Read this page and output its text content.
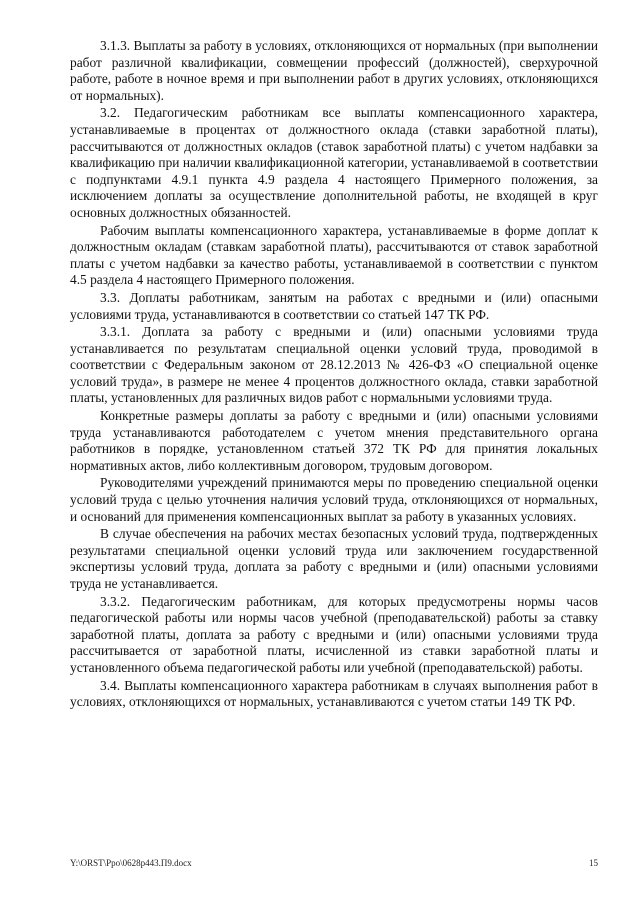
3.1.3. Выплаты за работу в условиях, отклоняющихся от нормальных (при выполнении работ различной квалификации, совмещении профессий (должностей), сверхурочной работе, работе в ночное время и при выполнении работ в других условиях, отклоняющихся от нормальных).

3.2. Педагогическим работникам все выплаты компенсационного характера, устанавливаемые в процентах от должностного оклада (ставки заработной платы), рассчитываются от должностных окладов (ставок заработной платы) с учетом надбавки за квалификацию при наличии квалификационной категории, устанавливаемой в соответствии с подпунктами 4.9.1 пункта 4.9 раздела 4 настоящего Примерного положения, за исключением доплаты за осуществление дополнительной работы, не входящей в круг основных должностных обязанностей.

Рабочим выплаты компенсационного характера, устанавливаемые в форме доплат к должностным окладам (ставкам заработной платы), рассчитываются от ставок заработной платы с учетом надбавки за качество работы, устанавливаемой в соответствии с пунктом 4.5 раздела 4 настоящего Примерного положения.

3.3. Доплаты работникам, занятым на работах с вредными и (или) опасными условиями труда, устанавливаются в соответствии со статьей 147 ТК РФ.

3.3.1. Доплата за работу с вредными и (или) опасными условиями труда устанавливается по результатам специальной оценки условий труда, проводимой в соответствии с Федеральным законом от 28.12.2013 № 426-ФЗ «О специальной оценке условий труда», в размере не менее 4 процентов должностного оклада, ставки заработной платы, установленных для различных видов работ с нормальными условиями труда.

Конкретные размеры доплаты за работу с вредными и (или) опасными условиями труда устанавливаются работодателем с учетом мнения представительного органа работников в порядке, установленном статьей 372 ТК РФ для принятия локальных нормативных актов, либо коллективным договором, трудовым договором.

Руководителями учреждений принимаются меры по проведению специальной оценки условий труда с целью уточнения наличия условий труда, отклоняющихся от нормальных, и оснований для применения компенсационных выплат за работу в указанных условиях.

В случае обеспечения на рабочих местах безопасных условий труда, подтвержденных результатами специальной оценки условий труда или заключением государственной экспертизы условий труда, доплата за работу с вредными и (или) опасными условиями труда не устанавливается.

3.3.2. Педагогическим работникам, для которых предусмотрены нормы часов педагогической работы или нормы часов учебной (преподавательской) работы за ставку заработной платы, доплата за работу с вредными и (или) опасными условиями труда рассчитывается от заработной платы, исчисленной из ставки заработной платы и установленного объема педагогической работы или учебной (преподавательской) работы.

3.4. Выплаты компенсационного характера работникам в случаях выполнения работ в условиях, отклоняющихся от нормальных, устанавливаются с учетом статьи 149 ТК РФ.

Y:\ORST\Ppo\0628p443.П9.docx	15
